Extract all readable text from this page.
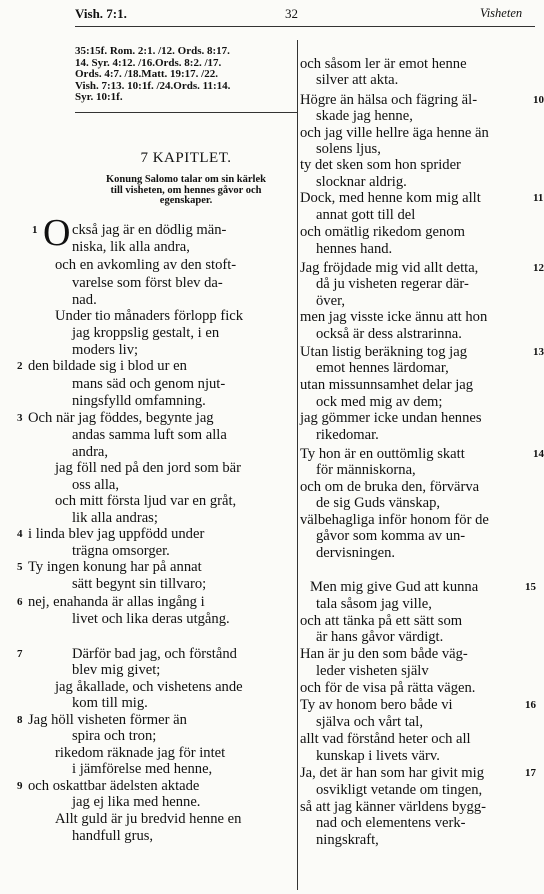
Vish. 7:1.	32	Visheten
35:15f. Rom. 2:1. /12. Ords. 8:17.
14. Syr. 4:12. /16.Ords. 8:2. /17.
Ords. 4:7. /18.Matt. 19:17. /22.
Vish. 7:13. 10:1f. /24.Ords. 11:14.
Syr. 10:1f.
7 KAPITLET.
Konung Salomo talar om sin kärlek
till visheten, om hennes gåvor och
egenskaper.
O
1
2
3
4
5
6
7
8
9
ckså jag är en dödlig män-
niska, lik alla andra,
och en avkomling av den stoft-
varelse som först blev da-
nad.
Under tio månaders förlopp fick
jag kroppslig gestalt, i en
moders liv;
den bildade sig i blod ur en
mans säd och genom njut-
ningsfylld omfamning.
Och när jag föddes, begynte jag
andas samma luft som alla
andra,
jag föll ned på den jord som bär
oss alla,
och mitt första ljud var en gråt,
lik alla andras;
i linda blev jag uppfödd under
trägna omsorger.
Ty ingen konung har på annat
sätt begynt sin tillvaro;
nej, enahanda är allas ingång i
livet och lika deras utgång.
Därför bad jag, och förstånd
blev mig givet;
jag åkallade, och vishetens ande
kom till mig.
Jag höll visheten förmer än
spira och tron;
rikedom räknade jag för intet
i jämförelse med henne,
och oskattbar ädelsten aktade
jag ej lika med henne.
Allt guld är ju bredvid henne en
handfull grus,
10
11
12
13
14
15
16
17
och såsom ler är emot henne
silver att akta.
Högre än hälsa och fägring äl-
skade jag henne,
och jag ville hellre äga henne än
solens ljus,
ty det sken som hon sprider
slocknar aldrig.
Dock, med henne kom mig allt
annat gott till del
och omätlig rikedom genom
hennes hand.
Jag fröjdade mig vid allt detta,
då ju visheten regerar där-
över,
men jag visste icke ännu att hon
också är dess alstrarinna.
Utan listig beräkning tog jag
emot hennes lärdomar,
utan missunnsamhet delar jag
ock med mig av dem;
jag gömmer icke undan hennes
rikedomar.
Ty hon är en outtömlig skatt
för människorna,
och om de bruka den, förvärva
de sig Guds vänskap,
välbehagliga inför honom för de
gåvor som komma av un-
dervisningen.
Men mig give Gud att kunna
tala såsom jag ville,
och att tänka på ett sätt som
är hans gåvor värdigt.
Han är ju den som både väg-
leder visheten själv
och för de visa på rätta vägen.
Ty av honom bero både vi
själva och vårt tal,
allt vad förstånd heter och all
kunskap i livets värv.
Ja, det är han som har givit mig
osvikligt vetande om tingen,
så att jag känner världens bygg-
nad och elementens verk-
ningskraft,
